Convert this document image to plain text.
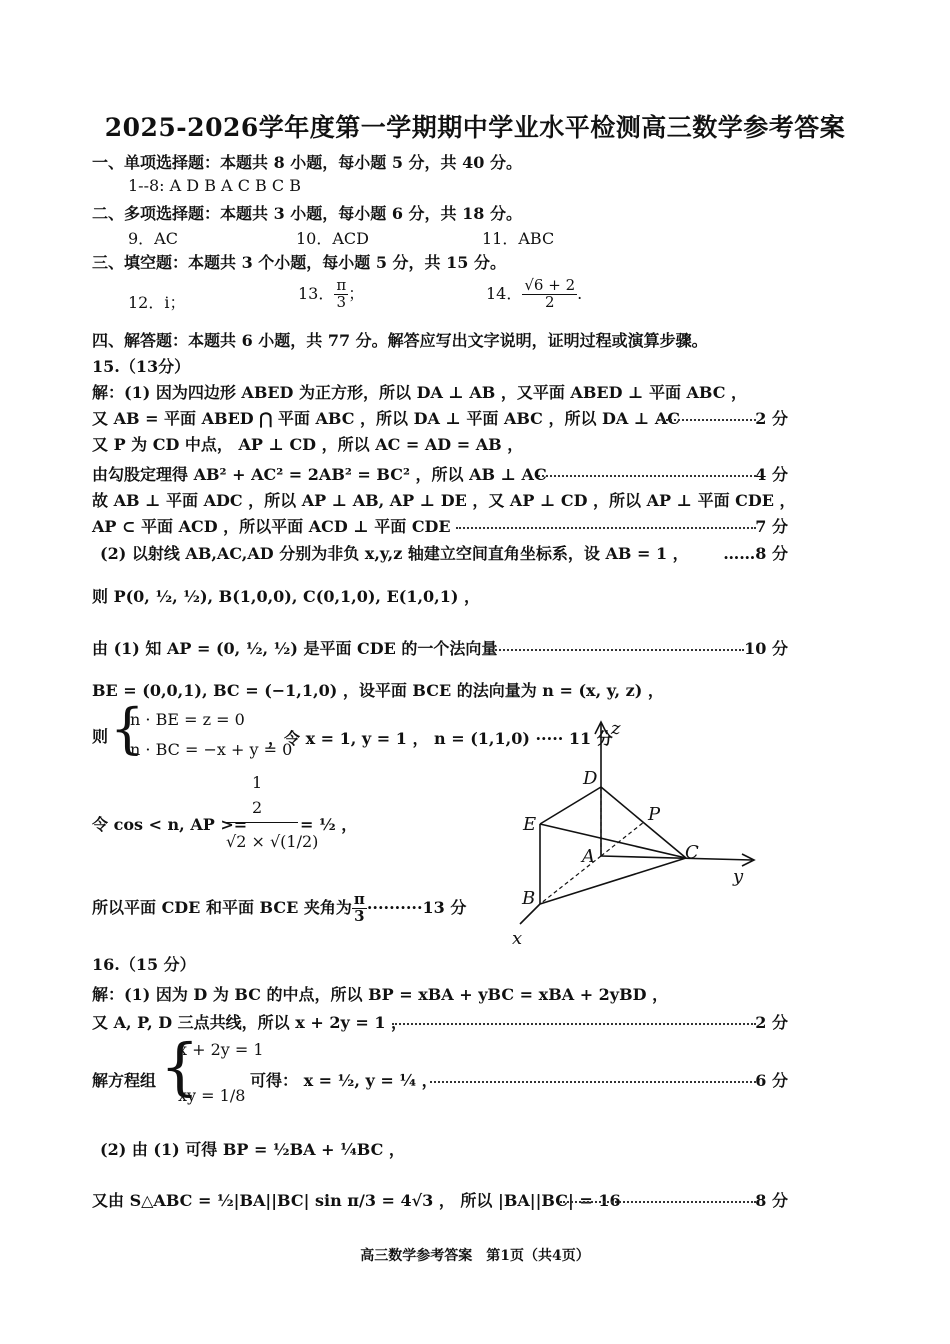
2025-2026学年度第一学期期中学业水平检测高三数学参考答案
一、单项选择题：本题共 8 小题，每小题 5 分，共 40 分。
1--8: A D B A C B C B
二、多项选择题：本题共 3 小题，每小题 6 分，共 18 分。
9．AC	10．ACD	11．ABC
三、填空题：本题共 3 个小题，每小题 5 分，共 15 分。
12．i；	13． $\frac{\pi}{3}$ ；	14． $\frac{√6 + 2}{2}$ .
四、解答题：本题共 6 小题，共 77 分。解答应写出文字说明，证明过程或演算步骤。
15.（13分）
解：(1) 因为四边形 ABED 为正方形，所以 DA ⊥ AB ，又平面 ABED ⊥ 平面 ABC ，
又 AB = 平面 ABED ⋂ 平面 ABC ，所以 DA ⊥ 平面 ABC ，所以 DA ⊥ AC	2 分
又 P 为 CD 中点， AP ⊥ CD ，所以 AC = AD = AB ，
由勾股定理得 AB² + AC² = 2AB² = BC² ，所以 AB ⊥ AC	4 分
故 AB ⊥ 平面 ADC ，所以 AP ⊥ AB, AP ⊥ DE ，又 AP ⊥ CD ，所以 AP ⊥ 平面 CDE ，
AP ⊂ 平面 ACD ，所以平面 ACD ⊥ 平面 CDE	7 分
(2) 以射线 AB,AC,AD 分别为非负 x,y,z 轴建立空间直角坐标系，设 AB = 1 ， ……8 分
则 P(0, ½, ½), B(1,0,0), C(0,1,0), E(1,0,1) ，
由 (1) 知 AP = (0, ½, ½) 是平面 CDE 的一个法向量	10 分
BE = (0,0,1), BC = (−1,1,0) ，设平面 BCE 的法向量为 n = (x, y, z) ，
则 {
n · BE = z = 0
n · BC = −x + y = 0
，令 x = 1, y = 1 ， n = (1,1,0) ····· 11 分
令 cos < n, AP >=
1
2
√2 × √(1/2)
= ½ ，
所以平面 CDE 和平面 BCE 夹角为 $\frac{\pi}{3} \cdot\cdot\cdot\cdot\cdot\cdot\cdot\cdot\cdot\cdot 13$ 分
z
y
x
D
E	P
A	C
B
16.（15 分）
解：(1) 因为 D 为 BC 的中点，所以 BP = xBA + yBC = xBA + 2yBD ，
又 A, P, D 三点共线，所以 x + 2y = 1 ，	2 分
解方程组 {
x + 2y = 1
xy = 1/8
可得： x = ½, y = ¼ ，	6 分
(2) 由 (1) 可得 BP = ½BA + ¼BC ，
又由 S△ABC = ½|BA||BC| sin π/3 = 4√3 ， 所以 |BA||BC| = 16	8 分
高三数学参考答案　第1页（共4页）
